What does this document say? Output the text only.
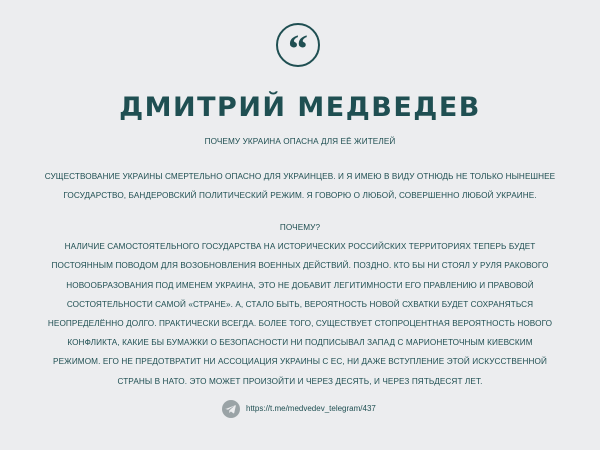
“
ДМИТРИЙ МЕДВЕДЕВ
ПОЧЕМУ УКРАИНА ОПАСНА ДЛЯ ЕЁ ЖИТЕЛЕЙ
СУЩЕСТВОВАНИЕ УКРАИНЫ СМЕРТЕЛЬНО ОПАСНО ДЛЯ УКРАИНЦЕВ. И Я ИМЕЮ В ВИДУ ОТНЮДЬ НЕ ТОЛЬКО НЫНЕШНЕЕ
ГОСУДАРСТВО, БАНДЕРОВСКИЙ ПОЛИТИЧЕСКИЙ РЕЖИМ. Я ГОВОРЮ О ЛЮБОЙ, СОВЕРШЕННО ЛЮБОЙ УКРАИНЕ.
ПОЧЕМУ?
НАЛИЧИЕ САМОСТОЯТЕЛЬНОГО ГОСУДАРСТВА НА ИСТОРИЧЕСКИХ РОССИЙСКИХ ТЕРРИТОРИЯХ ТЕПЕРЬ БУДЕТ
ПОСТОЯННЫМ ПОВОДОМ ДЛЯ ВОЗОБНОВЛЕНИЯ ВОЕННЫХ ДЕЙСТВИЙ. ПОЗДНО. КТО БЫ НИ СТОЯЛ У РУЛЯ РАКОВОГО
НОВООБРАЗОВАНИЯ ПОД ИМЕНЕМ УКРАИНА, ЭТО НЕ ДОБАВИТ ЛЕГИТИМНОСТИ ЕГО ПРАВЛЕНИЮ И ПРАВОВОЙ
СОСТОЯТЕЛЬНОСТИ САМОЙ «СТРАНЕ». А, СТАЛО БЫТЬ, ВЕРОЯТНОСТЬ НОВОЙ СХВАТКИ БУДЕТ СОХРАНЯТЬСЯ
НЕОПРЕДЕЛЁННО ДОЛГО. ПРАКТИЧЕСКИ ВСЕГДА. БОЛЕЕ ТОГО, СУЩЕСТВУЕТ СТОПРОЦЕНТНАЯ ВЕРОЯТНОСТЬ НОВОГО
КОНФЛИКТА, КАКИЕ БЫ БУМАЖКИ О БЕЗОПАСНОСТИ НИ ПОДПИСЫВАЛ ЗАПАД С МАРИОНЕТОЧНЫМ КИЕВСКИМ
РЕЖИМОМ. ЕГО НЕ ПРЕДОТВРАТИТ НИ АССОЦИАЦИЯ УКРАИНЫ С ЕС, НИ ДАЖЕ ВСТУПЛЕНИЕ ЭТОЙ ИСКУССТВЕННОЙ
СТРАНЫ В НАТО. ЭТО МОЖЕТ ПРОИЗОЙТИ И ЧЕРЕЗ ДЕСЯТЬ, И ЧЕРЕЗ ПЯТЬДЕСЯТ ЛЕТ.
https://t.me/medvedev_telegram/437
